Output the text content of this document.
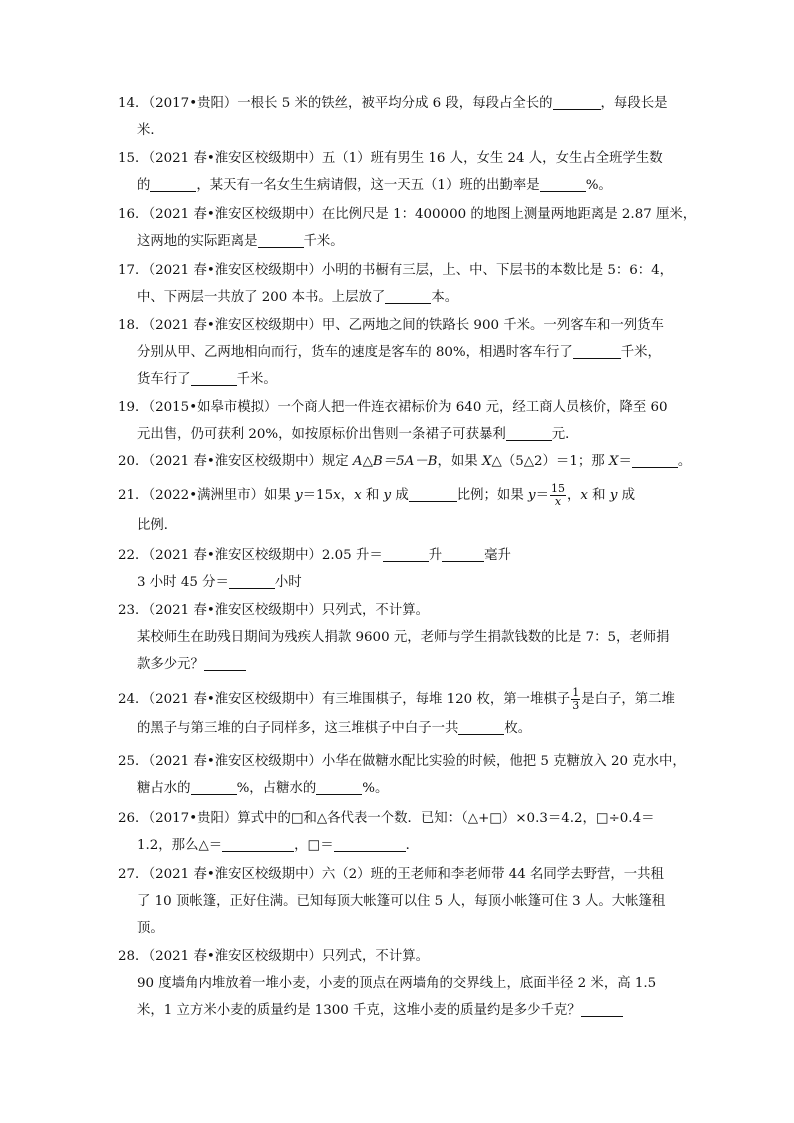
14．（2017•贵阳）一根长 5 米的铁丝，被平均分成 6 段，每段占全长的	，每段长是
米．
15．（2021 春•淮安区校级期中）五（1）班有男生 16 人，女生 24 人，女生占全班学生数
的	，某天有一名女生生病请假，这一天五（1）班的出勤率是	%。
16．（2021 春•淮安区校级期中）在比例尺是 1：400000 的地图上测量两地距离是 2.87 厘米，
这两地的实际距离是	千米。
17．（2021 春•淮安区校级期中）小明的书橱有三层，上、中、下层书的本数比是 5：6：4，
中、下两层一共放了 200 本书。上层放了	本。
18．（2021 春•淮安区校级期中）甲、乙两地之间的铁路长 900 千米。一列客车和一列货车
分别从甲、乙两地相向而行，货车的速度是客车的 80%，相遇时客车行了	千米，
货车行了	千米。
19．（2015•如皋市模拟）一个商人把一件连衣裙标价为 640 元，经工商人员核价，降至 60
元出售，仍可获利 20%，如按原标价出售则一条裙子可获暴利	元．
20．（2021 春•淮安区校级期中）规定 A△B＝5A－B，如果 X△（5△2）＝1；那 X＝	。
21．（2022•满洲里市）如果 y＝15x，x 和 y 成	比例；如果 $y= \frac{15}{x}$ ，x 和 y 成
比例．
22．（2021 春•淮安区校级期中）2.05 升＝	升	毫升
3 小时 45 分＝	小时
23．（2021 春•淮安区校级期中）只列式，不计算。
某校师生在助残日期间为残疾人捐款 9600 元，老师与学生捐款钱数的比是 7：5，老师捐
款多少元？
24．（2021 春•淮安区校级期中）有三堆围棋子，每堆 120 枚，第一堆棋子 $\frac{1}{3}$ 是白子，第二堆
的黑子与第三堆的白子同样多，这三堆棋子中白子一共	枚。
25．（2021 春•淮安区校级期中）小华在做糖水配比实验的时候，他把 5 克糖放入 20 克水中，
糖占水的	%，占糖水的	%。
26．（2017•贵阳）算式中的□和△各代表一个数．已知：（△+□）×0.3＝4.2，□÷0.4＝
1.2，那么△＝	，□＝	．
27．（2021 春•淮安区校级期中）六（2）班的王老师和李老师带 44 名同学去野营，一共租
了 10 顶帐篷，正好住满。已知每顶大帐篷可以住 5 人，每顶小帐篷可住 3 人。大帐篷租
顶。
28．（2021 春•淮安区校级期中）只列式，不计算。
90 度墙角内堆放着一堆小麦，小麦的顶点在两墙角的交界线上，底面半径 2 米，高 1.5
米，1 立方米小麦的质量约是 1300 千克，这堆小麦的质量约是多少千克？
